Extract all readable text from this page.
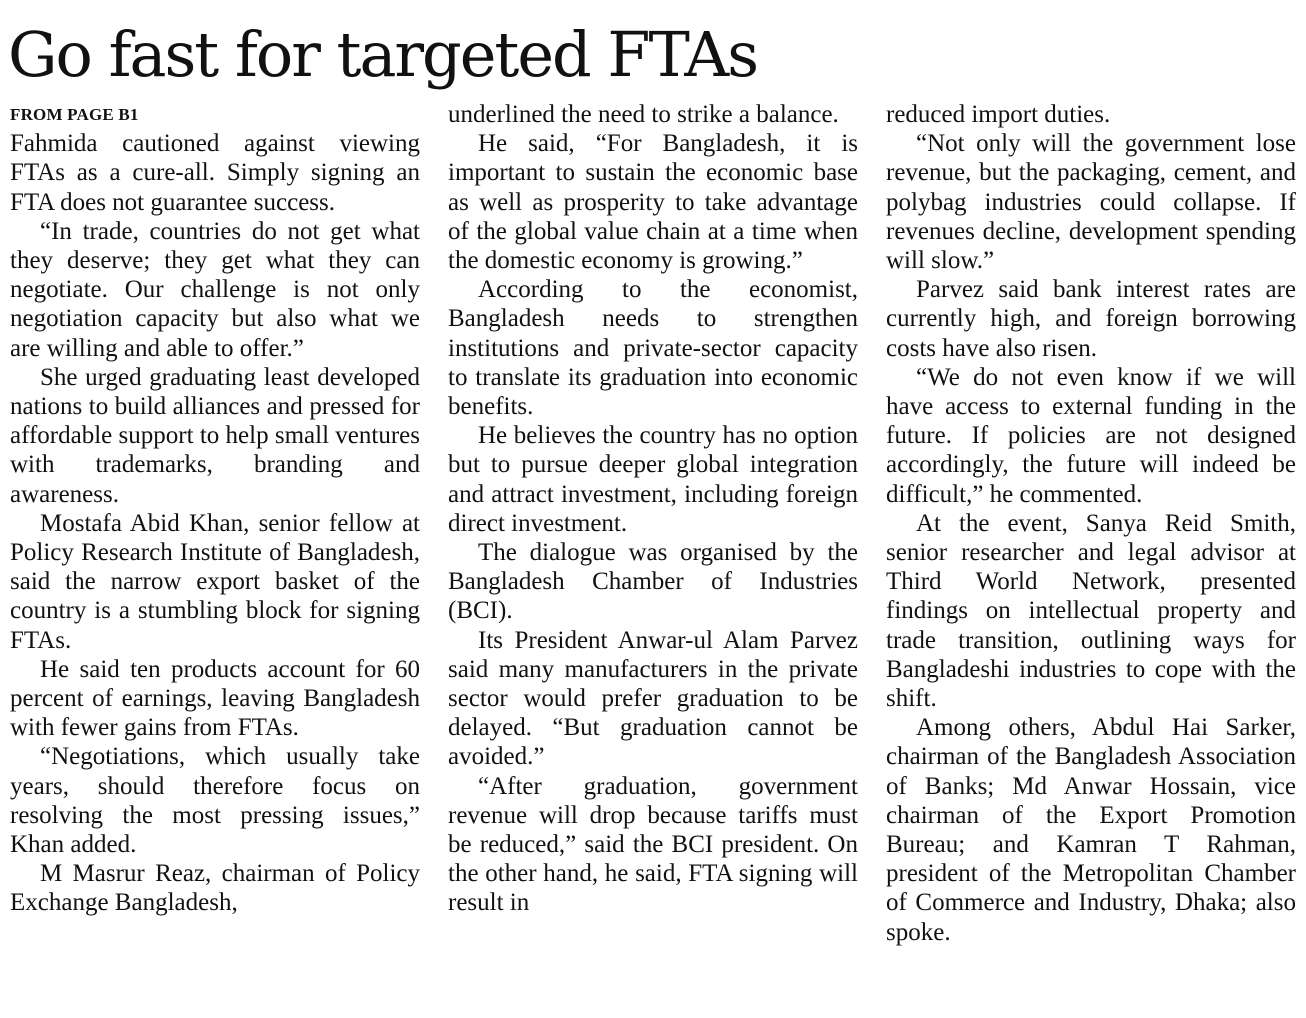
Go fast for targeted FTAs
FROM PAGE B1

Fahmida cautioned against viewing FTAs as a cure-all. Simply signing an FTA does not guarantee success.

“In trade, countries do not get what they deserve; they get what they can negotiate. Our challenge is not only negotiation capacity but also what we are willing and able to offer.”

She urged graduating least developed nations to build alliances and pressed for affordable support to help small ventures with trademarks, branding and awareness.

Mostafa Abid Khan, senior fellow at Policy Research Institute of Bangladesh, said the narrow export basket of the country is a stumbling block for signing FTAs.

He said ten products account for 60 percent of earnings, leaving Bangladesh with fewer gains from FTAs.

“Negotiations, which usually take years, should therefore focus on resolving the most pressing issues,” Khan added.

M Masrur Reaz, chairman of Policy Exchange Bangladesh,

underlined the need to strike a balance.

He said, “For Bangladesh, it is important to sustain the economic base as well as prosperity to take advantage of the global value chain at a time when the domestic economy is growing.”

According to the economist, Bangladesh needs to strengthen institutions and private-sector capacity to translate its graduation into economic benefits.

He believes the country has no option but to pursue deeper global integration and attract investment, including foreign direct investment.

The dialogue was organised by the Bangladesh Chamber of Industries (BCI).

Its President Anwar-ul Alam Parvez said many manufacturers in the private sector would prefer graduation to be delayed. “But graduation cannot be avoided.”

“After graduation, government revenue will drop because tariffs must be reduced,” said the BCI president. On the other hand, he said, FTA signing will result in

reduced import duties.

“Not only will the government lose revenue, but the packaging, cement, and polybag industries could collapse. If revenues decline, development spending will slow.”

Parvez said bank interest rates are currently high, and foreign borrowing costs have also risen.

“We do not even know if we will have access to external funding in the future. If policies are not designed accordingly, the future will indeed be difficult,” he commented.

At the event, Sanya Reid Smith, senior researcher and legal advisor at Third World Network, presented findings on intellectual property and trade transition, outlining ways for Bangladeshi industries to cope with the shift.

Among others, Abdul Hai Sarker, chairman of the Bangladesh Association of Banks; Md Anwar Hossain, vice chairman of the Export Promotion Bureau; and Kamran T Rahman, president of the Metropolitan Chamber of Commerce and Industry, Dhaka; also spoke.
